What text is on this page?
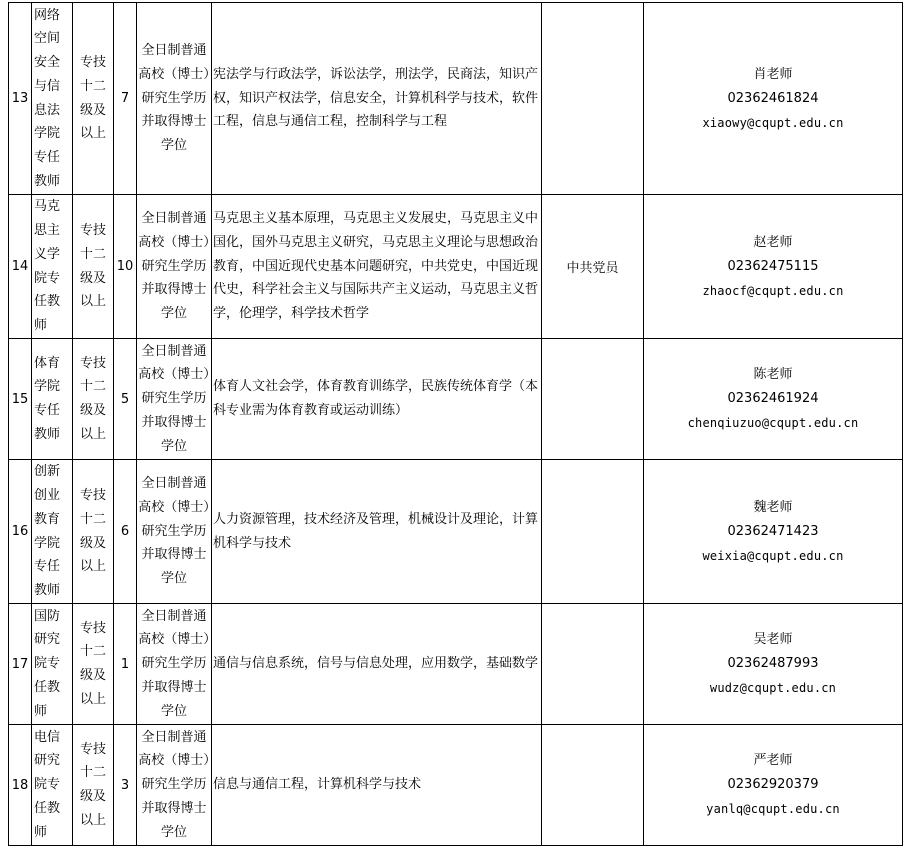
13	网络空间安全与信息法学院专任教师	专技十二级及以上	7	全日制普通高校（博士）研究生学历并取得博士学位	宪法学与行政法学，诉讼法学，刑法学，民商法，知识产权，知识产权法学，信息安全，计算机科学与技术，软件工程，信息与通信工程，控制科学与工程		肖老师
02362461824
xiaowy@cqupt.edu.cn

14	马克思主义学院专任教师	专技十二级及以上	10	全日制普通高校（博士）研究生学历并取得博士学位	马克思主义基本原理，马克思主义发展史，马克思主义中国化，国外马克思主义研究，马克思主义理论与思想政治教育，中国近现代史基本问题研究，中共党史，中国近现代史，科学社会主义与国际共产主义运动，马克思主义哲学，伦理学，科学技术哲学	中共党员	赵老师
02362475115
zhaocf@cqupt.edu.cn

15	体育学院专任教师	专技十二级及以上	5	全日制普通高校（博士）研究生学历并取得博士学位	体育人文社会学，体育教育训练学，民族传统体育学（本科专业需为体育教育或运动训练）		陈老师
02362461924
chenqiuzuo@cqupt.edu.cn

16	创新创业教育学院专任教师	专技十二级及以上	6	全日制普通高校（博士）研究生学历并取得博士学位	人力资源管理，技术经济及管理，机械设计及理论，计算机科学与技术		魏老师
02362471423
weixia@cqupt.edu.cn

17	国防研究院专任教师	专技十二级及以上	1	全日制普通高校（博士）研究生学历并取得博士学位	通信与信息系统，信号与信息处理，应用数学，基础数学		吴老师
02362487993
wudz@cqupt.edu.cn

18	电信研究院专任教师	专技十二级及以上	3	全日制普通高校（博士）研究生学历并取得博士学位	信息与通信工程，计算机科学与技术		严老师
02362920379
yanlq@cqupt.edu.cn
